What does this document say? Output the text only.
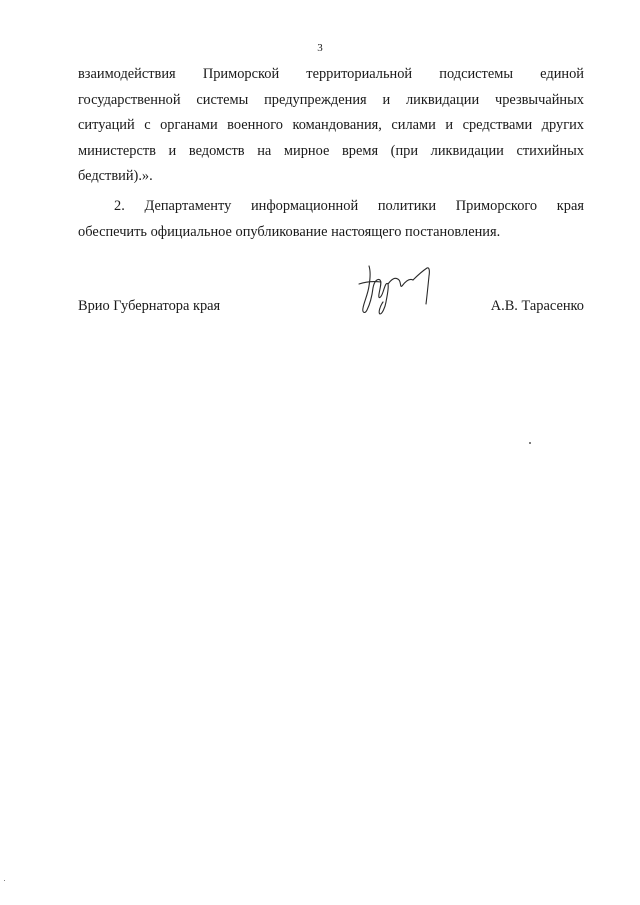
3
взаимодействия Приморской территориальной подсистемы единой
государственной системы предупреждения и ликвидации чрезвычайных
ситуаций с органами военного командования, силами и средствами других
министерств и ведомств на мирное время (при ликвидации стихийных
бедствий).».
2. Департаменту информационной политики Приморского края
обеспечить официальное опубликование настоящего постановления.
Врио Губернатора края	А.В. Тарасенко
